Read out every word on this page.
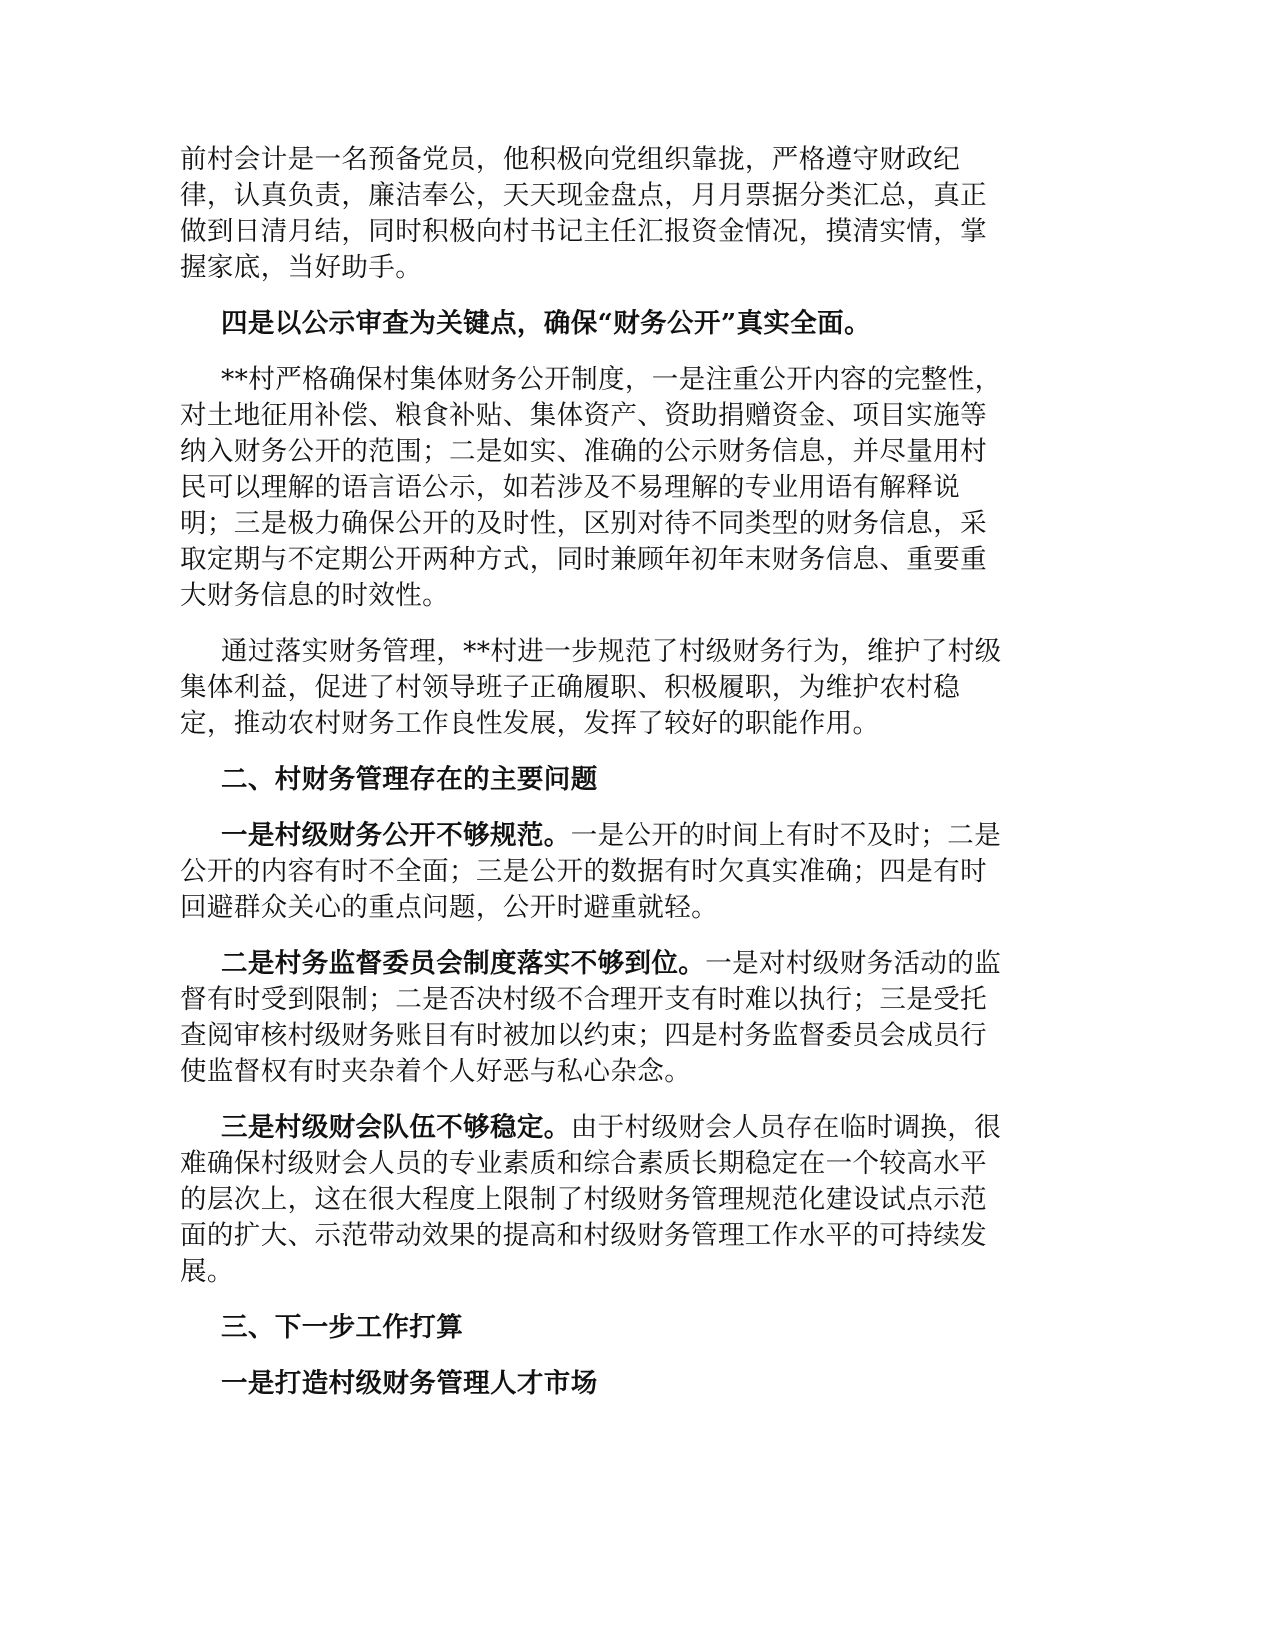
前村会计是一名预备党员，他积极向党组织靠拢，严格遵守财政纪
律，认真负责，廉洁奉公，天天现金盘点，月月票据分类汇总，真正
做到日清月结，同时积极向村书记主任汇报资金情况，摸清实情，掌
握家底，当好助手。
四是以公示审查为关键点，确保“财务公开”真实全面。
**村严格确保村集体财务公开制度，一是注重公开内容的完整性，
对土地征用补偿、粮食补贴、集体资产、资助捐赠资金、项目实施等
纳入财务公开的范围；二是如实、准确的公示财务信息，并尽量用村
民可以理解的语言语公示，如若涉及不易理解的专业用语有解释说
明；三是极力确保公开的及时性，区别对待不同类型的财务信息，采
取定期与不定期公开两种方式，同时兼顾年初年末财务信息、重要重
大财务信息的时效性。
通过落实财务管理，**村进一步规范了村级财务行为，维护了村级
集体利益，促进了村领导班子正确履职、积极履职，为维护农村稳
定，推动农村财务工作良性发展，发挥了较好的职能作用。
二、村财务管理存在的主要问题
一是村级财务公开不够规范。一是公开的时间上有时不及时；二是
公开的内容有时不全面；三是公开的数据有时欠真实准确；四是有时
回避群众关心的重点问题，公开时避重就轻。
二是村务监督委员会制度落实不够到位。一是对村级财务活动的监
督有时受到限制；二是否决村级不合理开支有时难以执行；三是受托
查阅审核村级财务账目有时被加以约束；四是村务监督委员会成员行
使监督权有时夹杂着个人好恶与私心杂念。
三是村级财会队伍不够稳定。由于村级财会人员存在临时调换，很
难确保村级财会人员的专业素质和综合素质长期稳定在一个较高水平
的层次上，这在很大程度上限制了村级财务管理规范化建设试点示范
面的扩大、示范带动效果的提高和村级财务管理工作水平的可持续发
展。
三、下一步工作打算
一是打造村级财务管理人才市场
